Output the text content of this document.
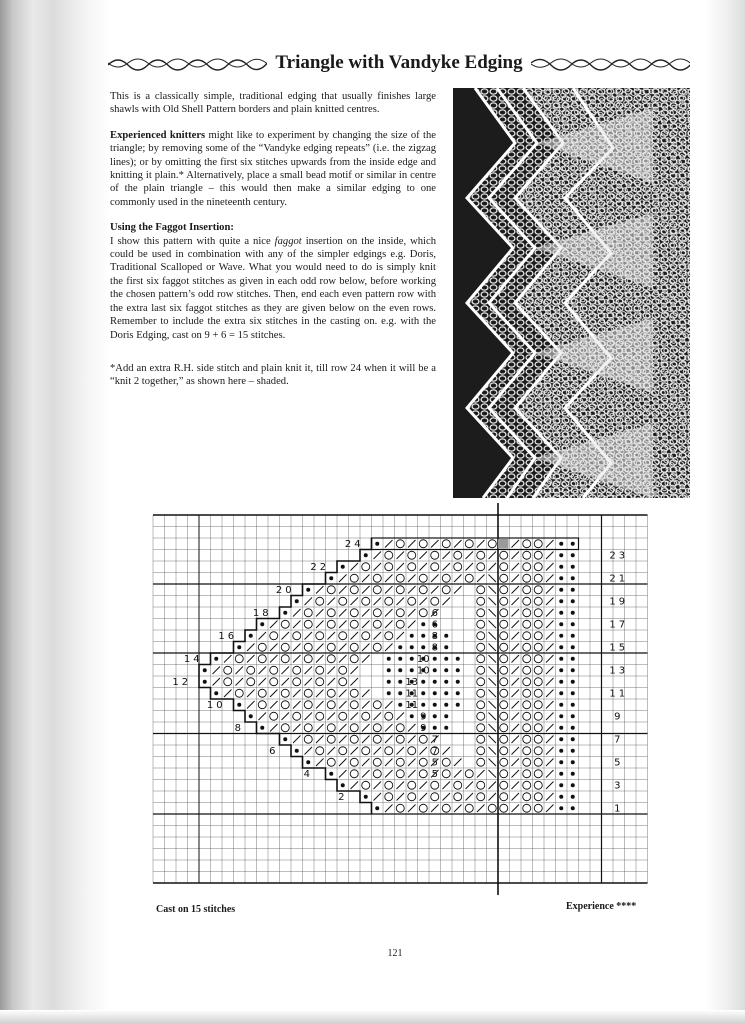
Triangle with Vandyke Edging

This is a classically simple, traditional edging that usually finishes large shawls with Old Shell Pattern borders and plain knitted centres.

Experienced knitters might like to experiment by changing the size of the triangle; by removing some of the “Vandyke edging repeats” (i.e. the zigzag lines); or by omitting the first six stitches upwards from the inside edge and knitting it plain.* Alternatively, place a small bead motif or similar in centre of the plain triangle – this would then make a similar edging to one commonly used in the nineteenth century.

Using the Faggot Insertion:

I show this pattern with quite a nice faggot insertion on the inside, which could be used in combination with any of the simpler edgings e.g. Doris, Traditional Scalloped or Wave. What you would need to do is simply knit the first six faggot stitches as given in each odd row below, before working the chosen pattern’s odd row stitches. Then, end each even pattern row with the extra last six faggot stitches as they are given below on the even rows. Remember to include the extra six stitches in the casting on. e.g. with the Doris Edging, cast on 9 + 6 = 15 stitches.

*Add an extra R.H. side stitch and plain knit it, till row 24 when it will be a “knit 2 together,” as shown here – shaded.

6
6
8
8
10
10
13
11
11
9
9
7
7
5
5
24
22
20
18
16
14
12
10
8
6
4
2
23
21
19
17
15
13
11
9
7
5
3
1
Cast on 15 stitches	Experience ****
121
